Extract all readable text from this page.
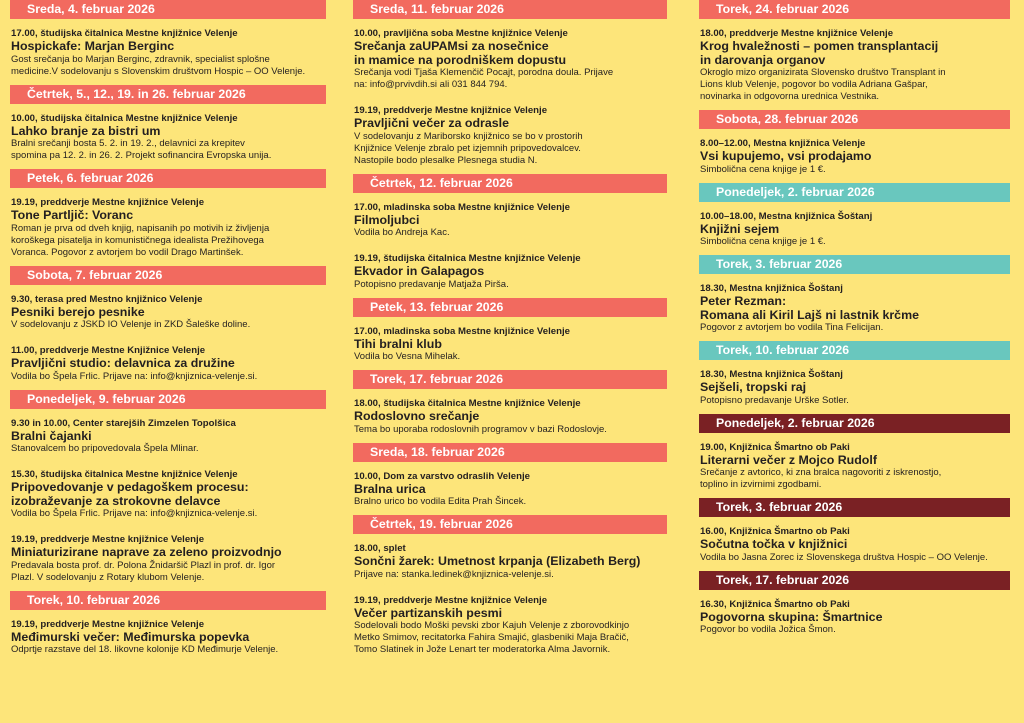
Sreda, 4. februar 2026
17.00, študijska čitalnica Mestne knjižnice Velenje
Hospickafe: Marjan Berginc
Gost srečanja bo Marjan Berginc, zdravnik, specialist splošne
medicine.V sodelovanju s Slovenskim društvom Hospic – OO Velenje.
Četrtek, 5., 12., 19. in 26. februar 2026
10.00, študijska čitalnica Mestne knjižnice Velenje
Lahko branje za bistri um
Bralni srečanji bosta 5. 2. in 19. 2., delavnici za krepitev
spomina pa 12. 2. in 26. 2. Projekt sofinancira Evropska unija.
Petek, 6. februar 2026
19.19, preddverje Mestne knjižnice Velenje
Tone Partljič: Voranc
Roman je prva od dveh knjig, napisanih po motivih iz življenja
koroškega pisatelja in komunističnega idealista Prežihovega
Voranca. Pogovor z avtorjem bo vodil Drago Martinšek.
Sobota, 7. februar 2026
9.30, terasa pred Mestno knjižnico Velenje
Pesniki berejo pesnike
V sodelovanju z JSKD IO Velenje in ZKD Šaleške doline.
11.00, preddverje Mestne Knjižnice Velenje
Pravljični studio: delavnica za družine
Vodila bo Špela Frlic. Prijave na: info@knjiznica-velenje.si.
Ponedeljek, 9. februar 2026
9.30 in 10.00, Center starejših Zimzelen Topolšica
Bralni čajanki
Stanovalcem bo pripovedovala Špela Mlinar.
15.30, študijska čitalnica Mestne knjižnice Velenje
Pripovedovanje v pedagoškem procesu:
izobraževanje za strokovne delavce
Vodila bo Špela Frlic. Prijave na: info@knjiznica-velenje.si.
19.19, preddverje Mestne knjižnice Velenje
Miniaturizirane naprave za zeleno proizvodnjo
Predavala bosta prof. dr. Polona Žnidaršič Plazl in prof. dr. Igor
Plazl. V sodelovanju z Rotary klubom Velenje.
Torek, 10. februar 2026
19.19, preddverje Mestne knjižnice Velenje
Međimurski večer: Međimurska popevka
Odprtje razstave del 18. likovne kolonije KD Međimurje Velenje.
Sreda, 11. februar 2026
10.00, pravljična soba Mestne knjižnice Velenje
Srečanja zaUPAMsi za nosečnice
in mamice na porodniškem dopustu
Srečanja vodi Tjaša Klemenčič Pocajt, porodna doula. Prijave
na: info@prvivdih.si ali 031 844 794.
19.19, preddverje Mestne knjižnice Velenje
Pravljični večer za odrasle
V sodelovanju z Mariborsko knjižnico se bo v prostorih
Knjižnice Velenje zbralo pet izjemnih pripovedovalcev.
Nastopile bodo plesalke Plesnega studia N.
Četrtek, 12. februar 2026
17.00, mladinska soba Mestne knjižnice Velenje
Filmoljubci
Vodila bo Andreja Kac.
19.19, študijska čitalnica Mestne knjižnice Velenje
Ekvador in Galapagos
Potopisno predavanje Matjaža Pirša.
Petek, 13. februar 2026
17.00, mladinska soba Mestne knjižnice Velenje
Tihi bralni klub
Vodila bo Vesna Mihelak.
Torek, 17. februar 2026
18.00, študijska čitalnica Mestne knjižnice Velenje
Rodoslovno srečanje
Tema bo uporaba rodoslovnih programov v bazi Rodoslovje.
Sreda, 18. februar 2026
10.00, Dom za varstvo odraslih Velenje
Bralna urica
Bralno urico bo vodila Edita Prah Šincek.
Četrtek, 19. februar 2026
18.00, splet
Sončni žarek: Umetnost krpanja (Elizabeth Berg)
Prijave na: stanka.ledinek@knjiznica-velenje.si.
19.19, preddverje Mestne knjižnice Velenje
Večer partizanskih pesmi
Sodelovali bodo Moški pevski zbor Kajuh Velenje z zborovodkinjo
Metko Smimov, recitatorka Fahira Smajić, glasbeniki Maja Bračič,
Tomo Slatinek in Jože Lenart ter moderatorka Alma Javornik.
Torek, 24. februar 2026
18.00, preddverje Mestne knjižnice Velenje
Krog hvaležnosti – pomen transplantacij
in darovanja organov
Okroglo mizo organizirata Slovensko društvo Transplant in
Lions klub Velenje, pogovor bo vodila Adriana Gašpar,
novinarka in odgovorna urednica Vestnika.
Sobota, 28. februar 2026
8.00–12.00, Mestna knjižnica Velenje
Vsi kupujemo, vsi prodajamo
Simbolična cena knjige je 1 €.
Ponedeljek, 2. februar 2026
10.00–18.00, Mestna knjižnica Šoštanj
Knjižni sejem
Simbolična cena knjige je 1 €.
Torek, 3. februar 2026
18.30, Mestna knjižnica Šoštanj
Peter Rezman:
Romana ali Kiril Lajš ni lastnik krčme
Pogovor z avtorjem bo vodila Tina Felicijan.
Torek, 10. februar 2026
18.30, Mestna knjižnica Šoštanj
Sejšeli, tropski raj
Potopisno predavanje Urške Sotler.
Ponedeljek, 2. februar 2026
19.00, Knjižnica Šmartno ob Paki
Literarni večer z Mojco Rudolf
Srečanje z avtorico, ki zna bralca nagovoriti z iskrenostjo,
toplino in izvirnimi zgodbami.
Torek, 3. februar 2026
16.00, Knjižnica Šmartno ob Paki
Sočutna točka v knjižnici
Vodila bo Jasna Zorec iz Slovenskega društva Hospic – OO Velenje.
Torek, 17. februar 2026
16.30, Knjižnica Šmartno ob Paki
Pogovorna skupina: Šmartnice
Pogovor bo vodila Jožica Šmon.
